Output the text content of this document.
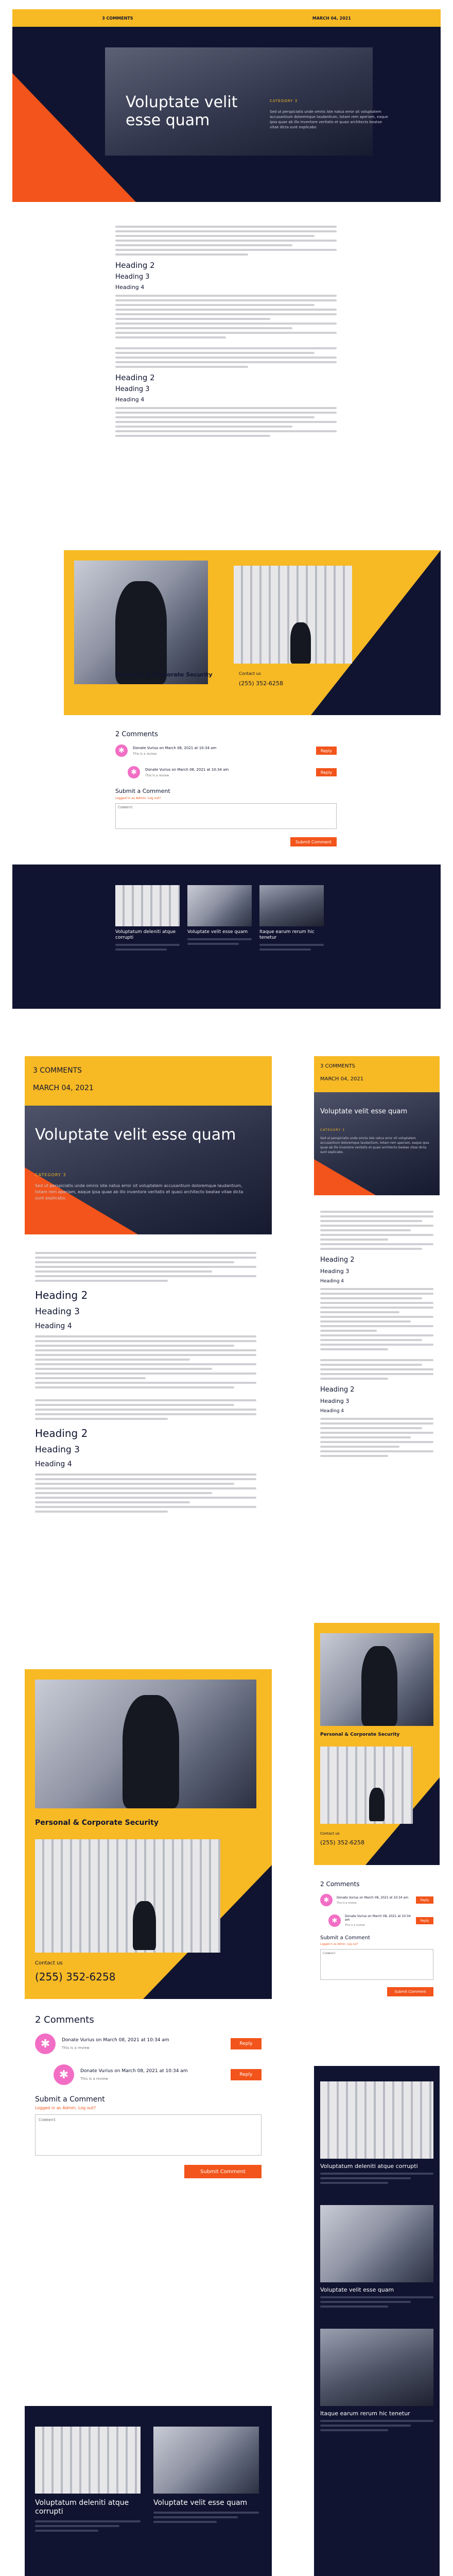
3 COMMENTS	MARCH 04, 2021
Voluptate velit esse quam
CATEGORY 3
Sed ut perspiciatis unde omnis iste natus error sit voluptatem accusantium doloremque laudantium, totam rem aperiam, eaque ipsa quae ab illo inventore veritatis et quasi architecto beatae vitae dicta sunt explicabo.
Heading 2
Heading 3
Heading 4
Heading 2
Heading 3
Heading 4
Personal & Corporate Security	Contact us
(255) 352-6258
2 Comments
✱	Donate Vurius on March 08, 2021 at 10:34 am
This is a review
Reply
✱	Donate Vurius on March 08, 2021 at 10:34 am
This is a review
Reply
Submit a Comment
Logged in as Admin. Log out?
Comment
Submit Comment
Voluptatum deleniti atque corrupti
Voluptate velit esse quam	Itaque earum rerum hic tenetur
3 COMMENTS
MARCH 04, 2021
Voluptate velit esse quam
CATEGORY 3
Sed ut perspiciatis unde omnis iste natus error sit voluptatem accusantium doloremque laudantium, totam rem aperiam, eaque ipsa quae ab illo inventore veritatis et quasi architecto beatae vitae dicta sunt explicabo.
Heading 2
Heading 3
Heading 4
Heading 2
Heading 3
Heading 4
Personal & Corporate Security
Contact us
(255) 352-6258
2 Comments
✱	Donate Vurius on March 08, 2021 at 10:34 am
This is a review
Reply
✱	Donate Vurius on March 08, 2021 at 10:34 am
This is a review
Reply
Submit a Comment
Logged in as Admin. Log out?
Comment
Submit Comment
Voluptatum deleniti atque corrupti
Voluptate velit esse quam
3 COMMENTS
MARCH 04, 2021
Voluptate velit esse quam
CATEGORY 3
Sed ut perspiciatis unde omnis iste natus error sit voluptatem accusantium doloremque laudantium, totam rem aperiam, eaque ipsa quae ab illo inventore veritatis et quasi architecto beatae vitae dicta sunt explicabo.
Heading 2
Heading 3
Heading 4
Heading 2
Heading 3
Heading 4
Personal & Corporate Security
Contact us
(255) 352-6258
2 Comments
✱	Donate Vurius on March 08, 2021 at 10:34 am
This is a review
Reply
✱
Donate Vurius on March 08, 2021 at 10:34 am
This is a review
Reply
Submit a Comment
Logged in as Admin. Log out?
Comment
Submit Comment
Voluptatum deleniti atque corrupti
Voluptate velit esse quam
Itaque earum rerum hic tenetur
